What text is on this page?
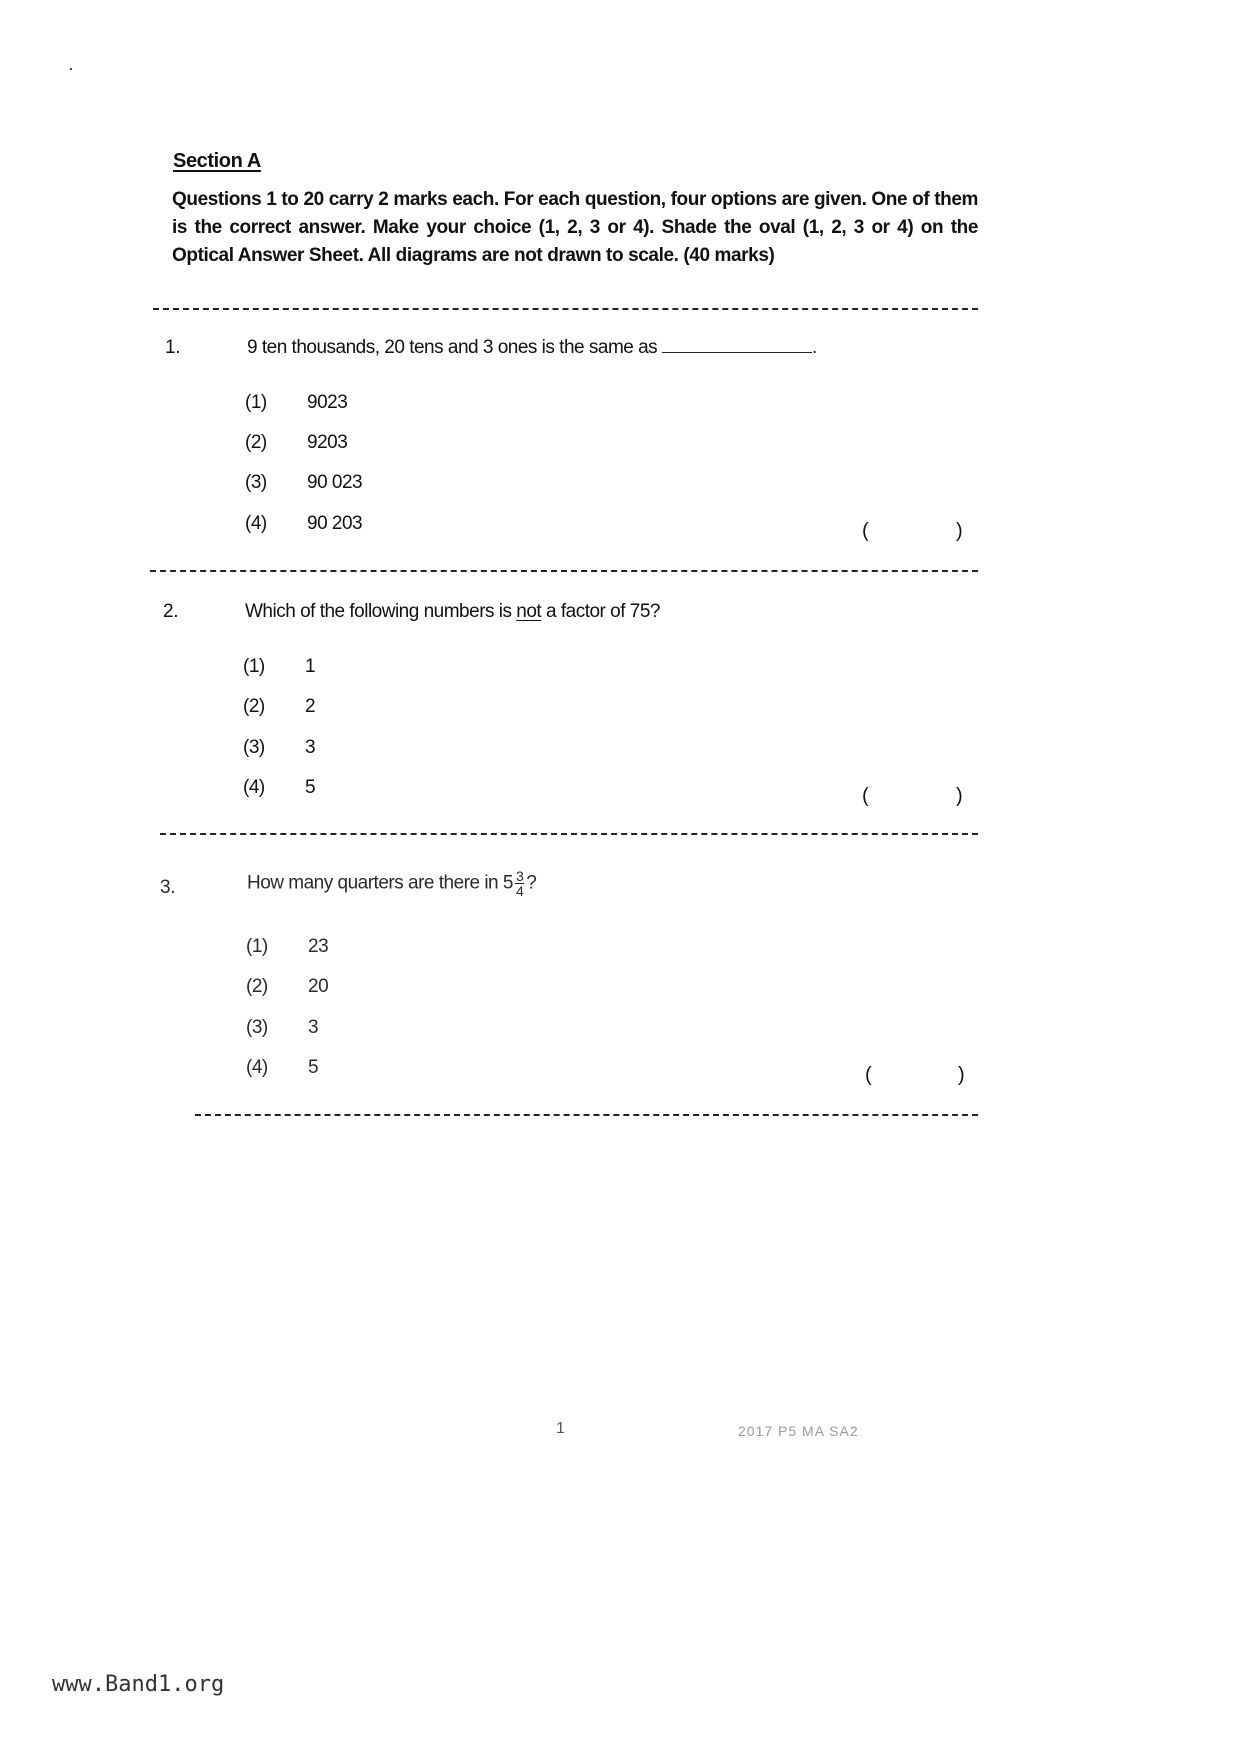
Section A
Questions 1 to 20 carry 2 marks each. For each question, four options are given. One of them is the correct answer. Make your choice (1, 2, 3 or 4). Shade the oval (1, 2, 3 or 4) on the Optical Answer Sheet. All diagrams are not drawn to scale. (40 marks)
1.	9 ten thousands, 20 tens and 3 ones is the same as	.
(1) 9023
(2) 9203
(3) 90 023
(4) 90 203	(	)
2.	Which of the following numbers is not a factor of 75?
(1) 1
(2) 2
(3) 3
(4) 5	(	)
3.	How many quarters are there in $5 \frac{3}{4}$ ?
(1) 23
(2) 20
(3) 3
(4) 5	(	)
1	2017 P5 MA SA2
www.Band1.org
